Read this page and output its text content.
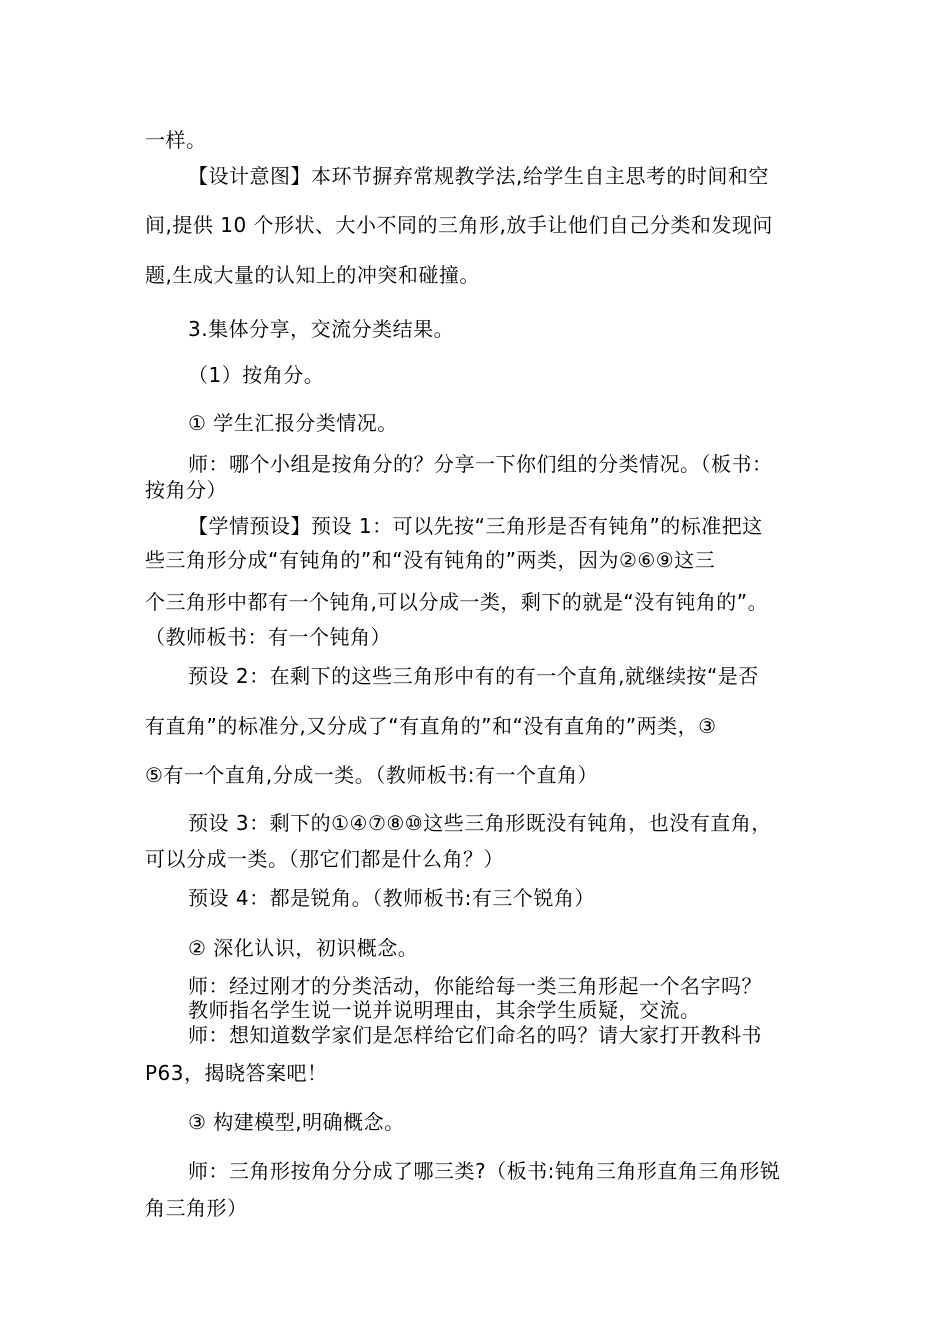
一样。
【设计意图】本环节摒弃常规教学法,给学生自主思考的时间和空
间,提供 10 个形状、大小不同的三角形,放手让他们自己分类和发现问
题,生成大量的认知上的冲突和碰撞。
3.集体分享，交流分类结果。
（1）按角分。
① 学生汇报分类情况。
师：哪个小组是按角分的？分享一下你们组的分类情况。（板书：
按角分）
【学情预设】预设 1：可以先按“三角形是否有钝角”的标准把这
些三角形分成“有钝角的”和“没有钝角的”两类，因为②⑥⑨这三
个三角形中都有一个钝角,可以分成一类，剩下的就是“没有钝角的”。
（教师板书：有一个钝角）
预设 2：在剩下的这些三角形中有的有一个直角,就继续按“是否
有直角”的标准分,又分成了“有直角的”和“没有直角的”两类，③
⑤有一个直角,分成一类。（教师板书:有一个直角）
预设 3：剩下的①④⑦⑧⑩这些三角形既没有钝角，也没有直角，
可以分成一类。（那它们都是什么角？）
预设 4：都是锐角。（教师板书:有三个锐角）
② 深化认识，初识概念。
师：经过刚才的分类活动，你能给每一类三角形起一个名字吗？
教师指名学生说一说并说明理由，其余学生质疑，交流。
师：想知道数学家们是怎样给它们命名的吗？请大家打开教科书
P63，揭晓答案吧！
③ 构建模型,明确概念。
师：三角形按角分分成了哪三类?（板书:钝角三角形直角三角形锐
角三角形）
